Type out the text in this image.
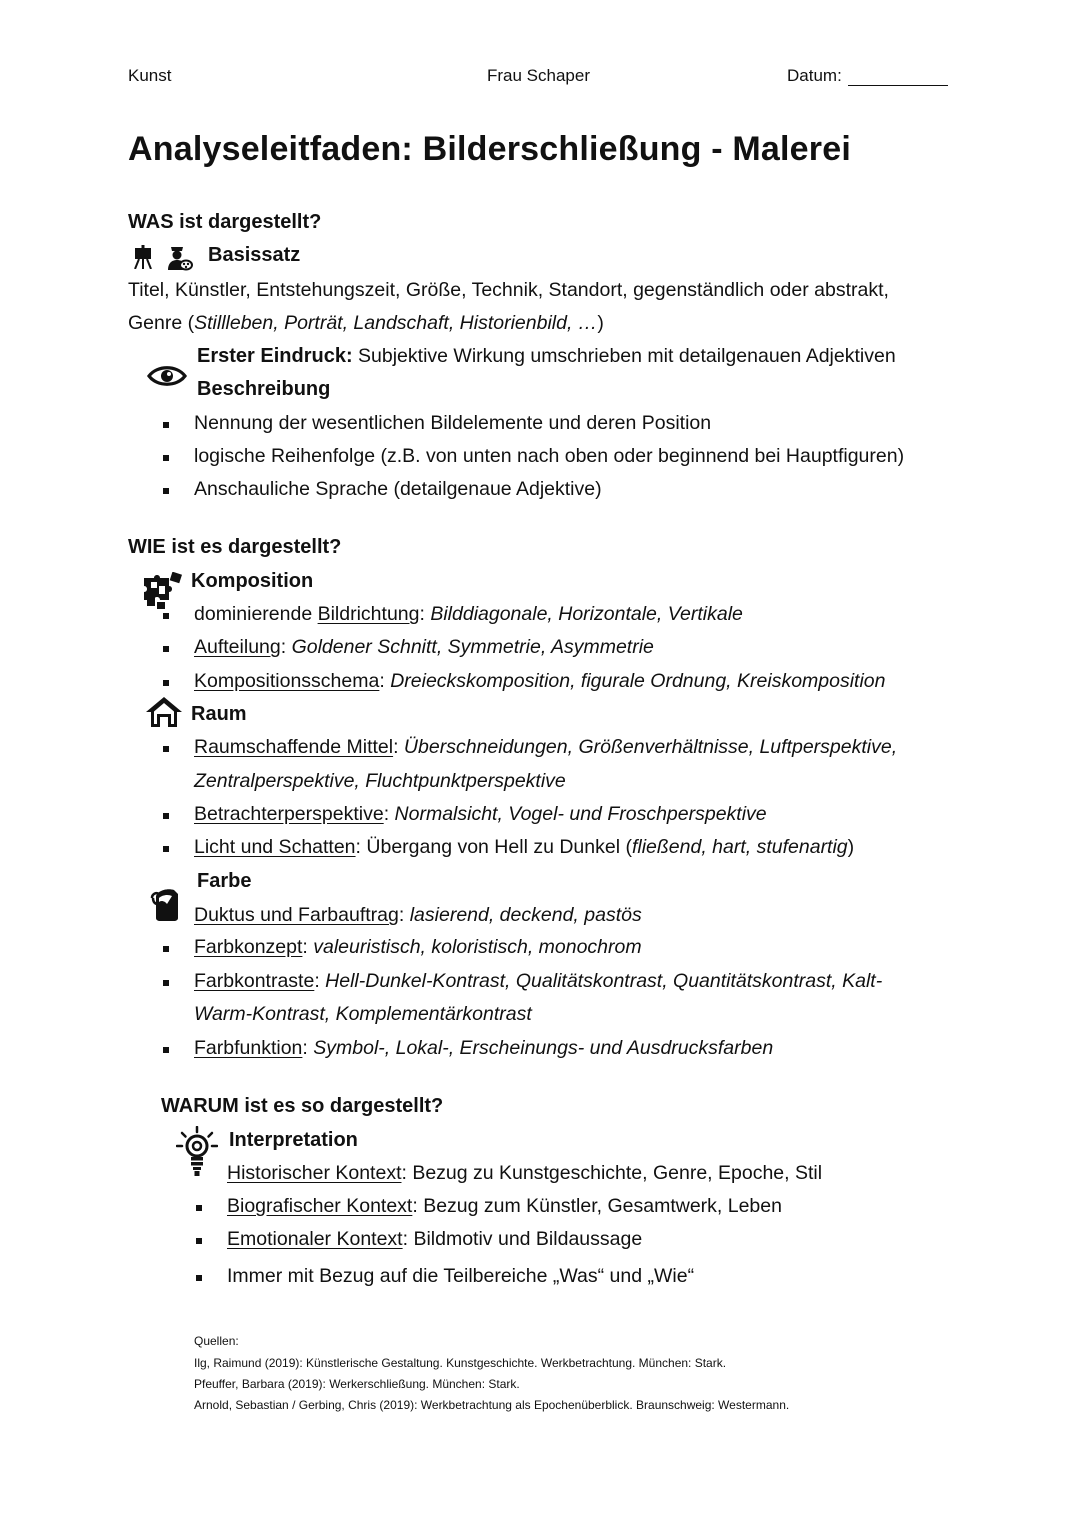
Kunst	Frau Schaper	Datum:
Analyseleitfaden: Bilderschließung - Malerei
WAS ist dargestellt?
Basissatz
Titel, Künstler, Entstehungszeit, Größe, Technik, Standort, gegenständlich oder abstrakt,
Genre (Stillleben, Porträt, Landschaft, Historienbild, …)
Erster Eindruck: Subjektive Wirkung umschrieben mit detailgenauen Adjektiven
Beschreibung
Nennung der wesentlichen Bildelemente und deren Position
logische Reihenfolge (z.B. von unten nach oben oder beginnend bei Hauptfiguren)
Anschauliche Sprache (detailgenaue Adjektive)
WIE ist es dargestellt?
Komposition
dominierende Bildrichtung: Bilddiagonale, Horizontale, Vertikale
Aufteilung: Goldener Schnitt, Symmetrie, Asymmetrie
Kompositionsschema: Dreieckskomposition, figurale Ordnung, Kreiskomposition
Raum
Raumschaffende Mittel: Überschneidungen, Größenverhältnisse, Luftperspektive,
Zentralperspektive, Fluchtpunktperspektive
Betrachterperspektive: Normalsicht, Vogel- und Froschperspektive
Licht und Schatten: Übergang von Hell zu Dunkel (fließend, hart, stufenartig)
Farbe
Duktus und Farbauftrag: lasierend, deckend, pastös
Farbkonzept: valeuristisch, koloristisch, monochrom
Farbkontraste: Hell-Dunkel-Kontrast, Qualitätskontrast, Quantitätskontrast, Kalt-
Warm-Kontrast, Komplementärkontrast
Farbfunktion: Symbol-, Lokal-, Erscheinungs- und Ausdrucksfarben
WARUM ist es so dargestellt?
Interpretation
Historischer Kontext: Bezug zu Kunstgeschichte, Genre, Epoche, Stil
Biografischer Kontext: Bezug zum Künstler, Gesamtwerk, Leben
Emotionaler Kontext: Bildmotiv und Bildaussage
Immer mit Bezug auf die Teilbereiche „Was“ und „Wie“
Quellen:
Ilg, Raimund (2019): Künstlerische Gestaltung. Kunstgeschichte. Werkbetrachtung. München: Stark.
Pfeuffer, Barbara (2019): Werkerschließung. München: Stark.
Arnold, Sebastian / Gerbing, Chris (2019): Werkbetrachtung als Epochenüberblick. Braunschweig: Westermann.
